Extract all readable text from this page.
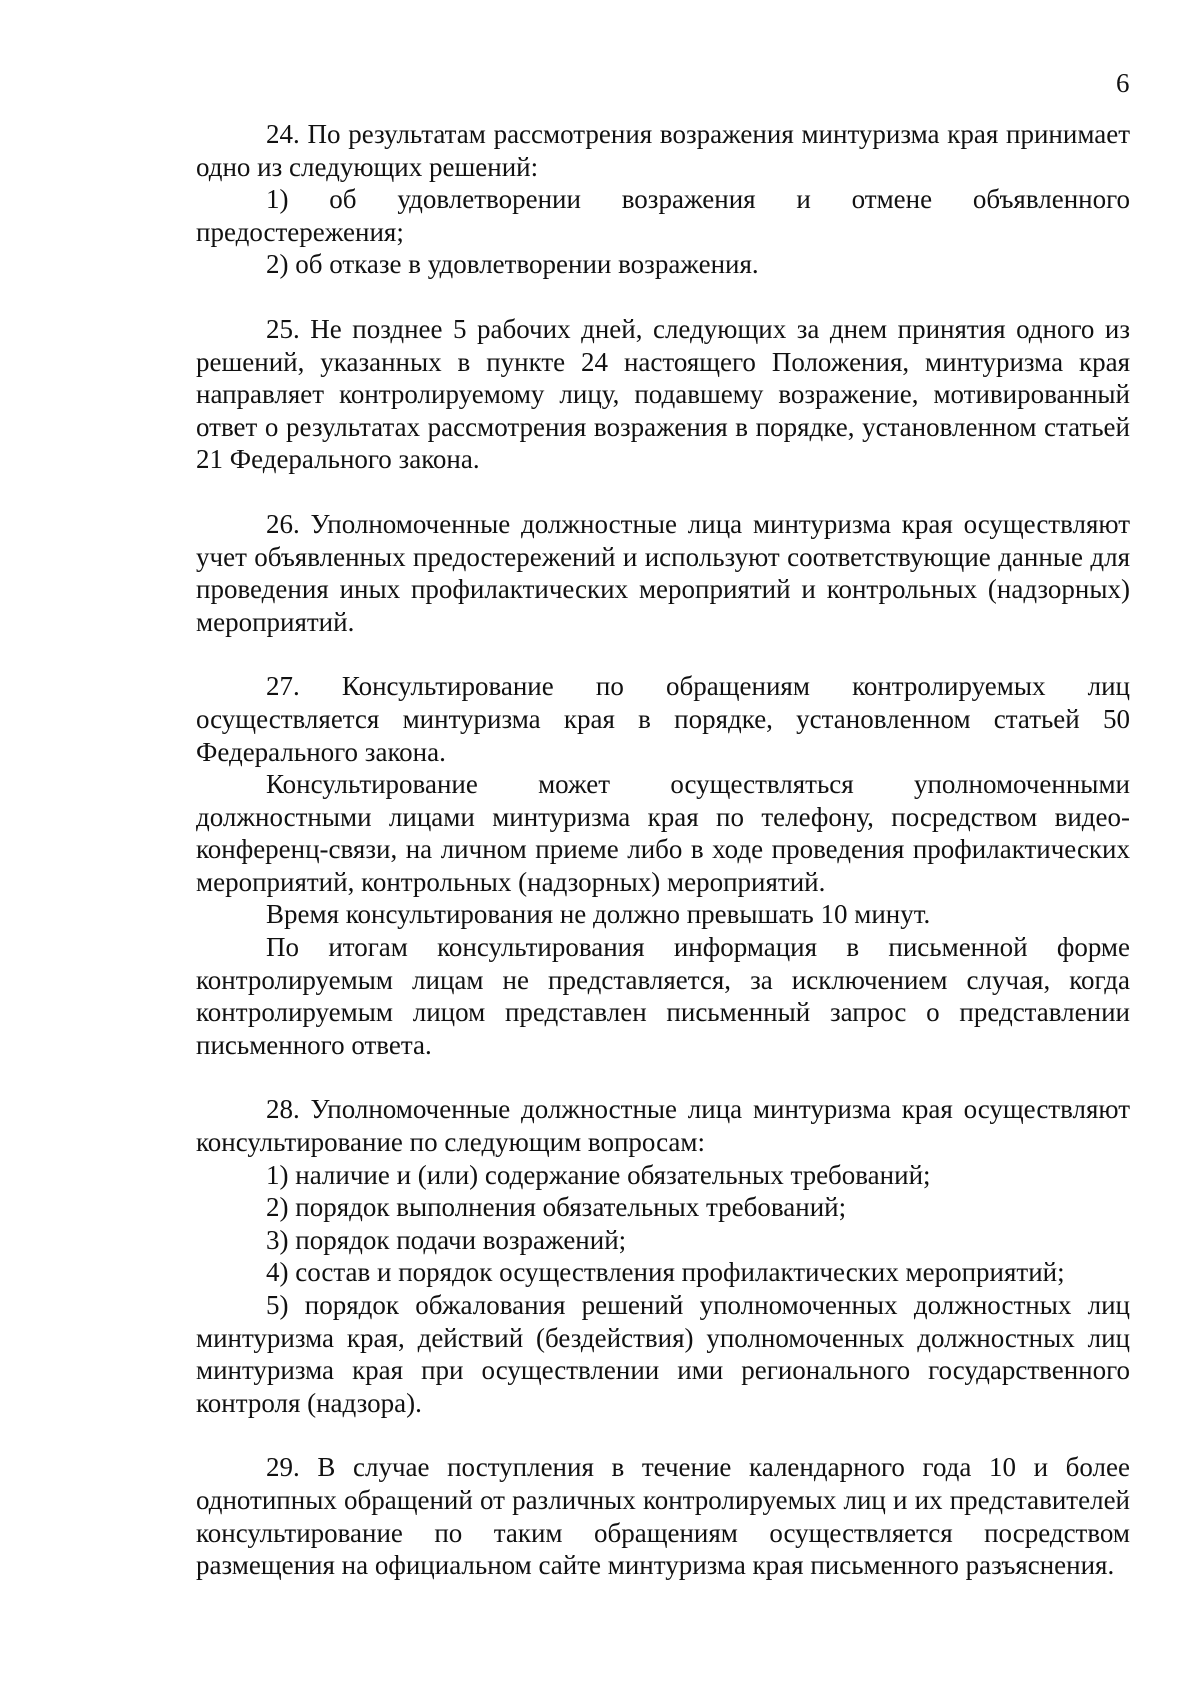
6

24. По результатам рассмотрения возражения минтуризма края принимает одно из следующих решений:

1) об удовлетворении возражения и отмене объявленного предостережения;

2) об отказе в удовлетворении возражения.

25. Не позднее 5 рабочих дней, следующих за днем принятия одного из решений, указанных в пункте 24 настоящего Положения, минтуризма края направляет контролируемому лицу, подавшему возражение, мотивированный ответ о результатах рассмотрения возражения в порядке, установленном статьей 21 Федерального закона.

26. Уполномоченные должностные лица минтуризма края осуществляют учет объявленных предостережений и используют соответствующие данные для проведения иных профилактических мероприятий и контрольных (надзорных) мероприятий.

27. Консультирование по обращениям контролируемых лиц осуществляется минтуризма края в порядке, установленном статьей 50 Федерального закона.

Консультирование может осуществляться уполномоченными должностными лицами минтуризма края по телефону, посредством видео-конференц-связи, на личном приеме либо в ходе проведения профилактических мероприятий, контрольных (надзорных) мероприятий.

Время консультирования не должно превышать 10 минут.

По итогам консультирования информация в письменной форме контролируемым лицам не представляется, за исключением случая, когда контролируемым лицом представлен письменный запрос о представлении письменного ответа.

28. Уполномоченные должностные лица минтуризма края осуществляют консультирование по следующим вопросам:

1) наличие и (или) содержание обязательных требований;

2) порядок выполнения обязательных требований;

3) порядок подачи возражений;

4) состав и порядок осуществления профилактических мероприятий;

5) порядок обжалования решений уполномоченных должностных лиц минтуризма края, действий (бездействия) уполномоченных должностных лиц минтуризма края при осуществлении ими регионального государственного контроля (надзора).

29. В случае поступления в течение календарного года 10 и более однотипных обращений от различных контролируемых лиц и их представителей консультирование по таким обращениям осуществляется посредством размещения на официальном сайте минтуризма края письменного разъяснения.
